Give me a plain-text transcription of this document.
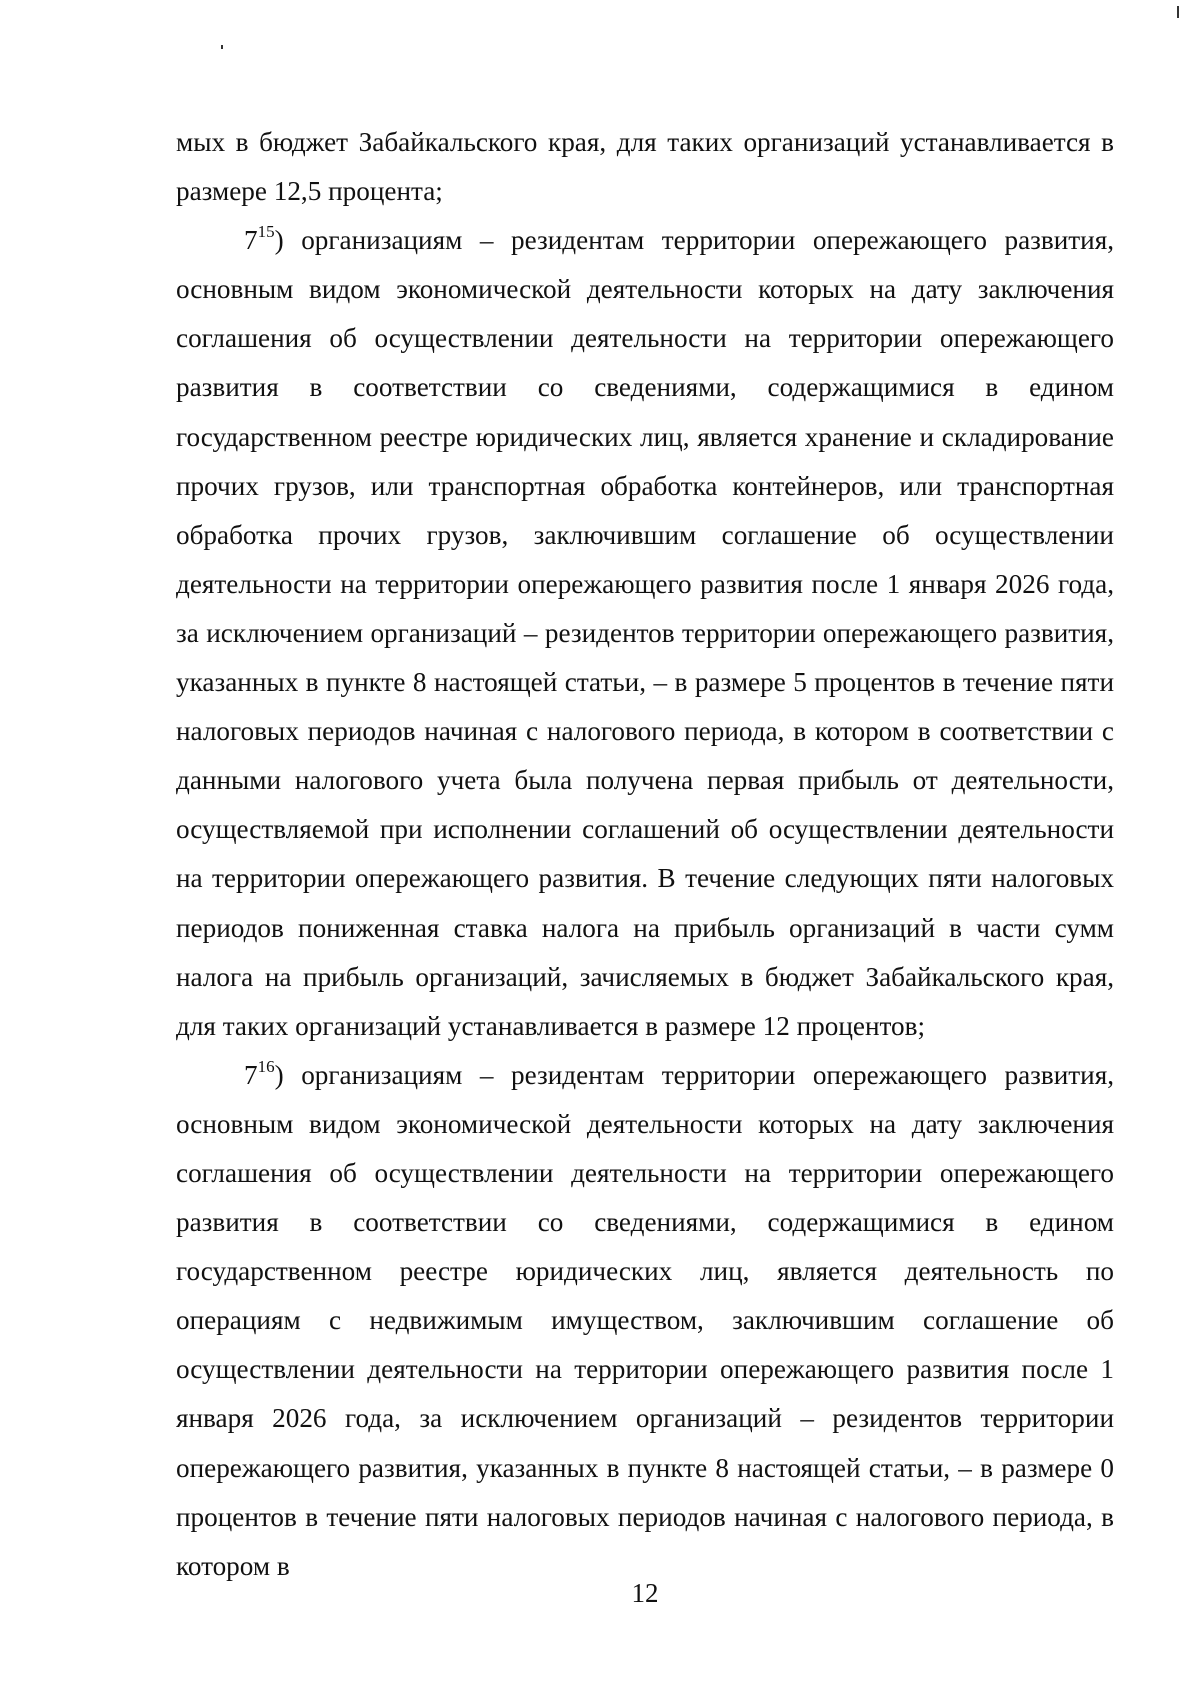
мых в бюджет Забайкальского края, для таких организаций устанавливается в размере 12,5 процента;

$7^{15}$) организациям – резидентам территории опережающего развития, основным видом экономической деятельности которых на дату заключения соглашения об осуществлении деятельности на территории опережающего развития в соответствии со сведениями, содержащимися в едином государственном реестре юридических лиц, является хранение и складирование прочих грузов, или транспортная обработка контейнеров, или транспортная обработка прочих грузов, заключившим соглашение об осуществлении деятельности на территории опережающего развития после 1 января 2026 года, за исключением организаций – резидентов территории опережающего развития, указанных в пункте 8 настоящей статьи, – в размере 5 процентов в течение пяти налоговых периодов начиная с налогового периода, в котором в соответствии с данными налогового учета была получена первая прибыль от деятельности, осуществляемой при исполнении соглашений об осуществлении деятельности на территории опережающего развития. В течение следующих пяти налоговых периодов пониженная ставка налога на прибыль организаций в части сумм налога на прибыль организаций, зачисляемых в бюджет Забайкальского края, для таких организаций устанавливается в размере 12 процентов;

$7^{16}$) организациям – резидентам территории опережающего развития, основным видом экономической деятельности которых на дату заключения соглашения об осуществлении деятельности на территории опережающего развития в соответствии со сведениями, содержащимися в едином государственном реестре юридических лиц, является деятельность по операциям с недвижимым имуществом, заключившим соглашение об осуществлении деятельности на территории опережающего развития после 1 января 2026 года, за исключением организаций – резидентов территории опережающего развития, указанных в пункте 8 настоящей статьи, – в размере 0 процентов в течение пяти налоговых периодов начиная с налогового периода, в котором в

12
